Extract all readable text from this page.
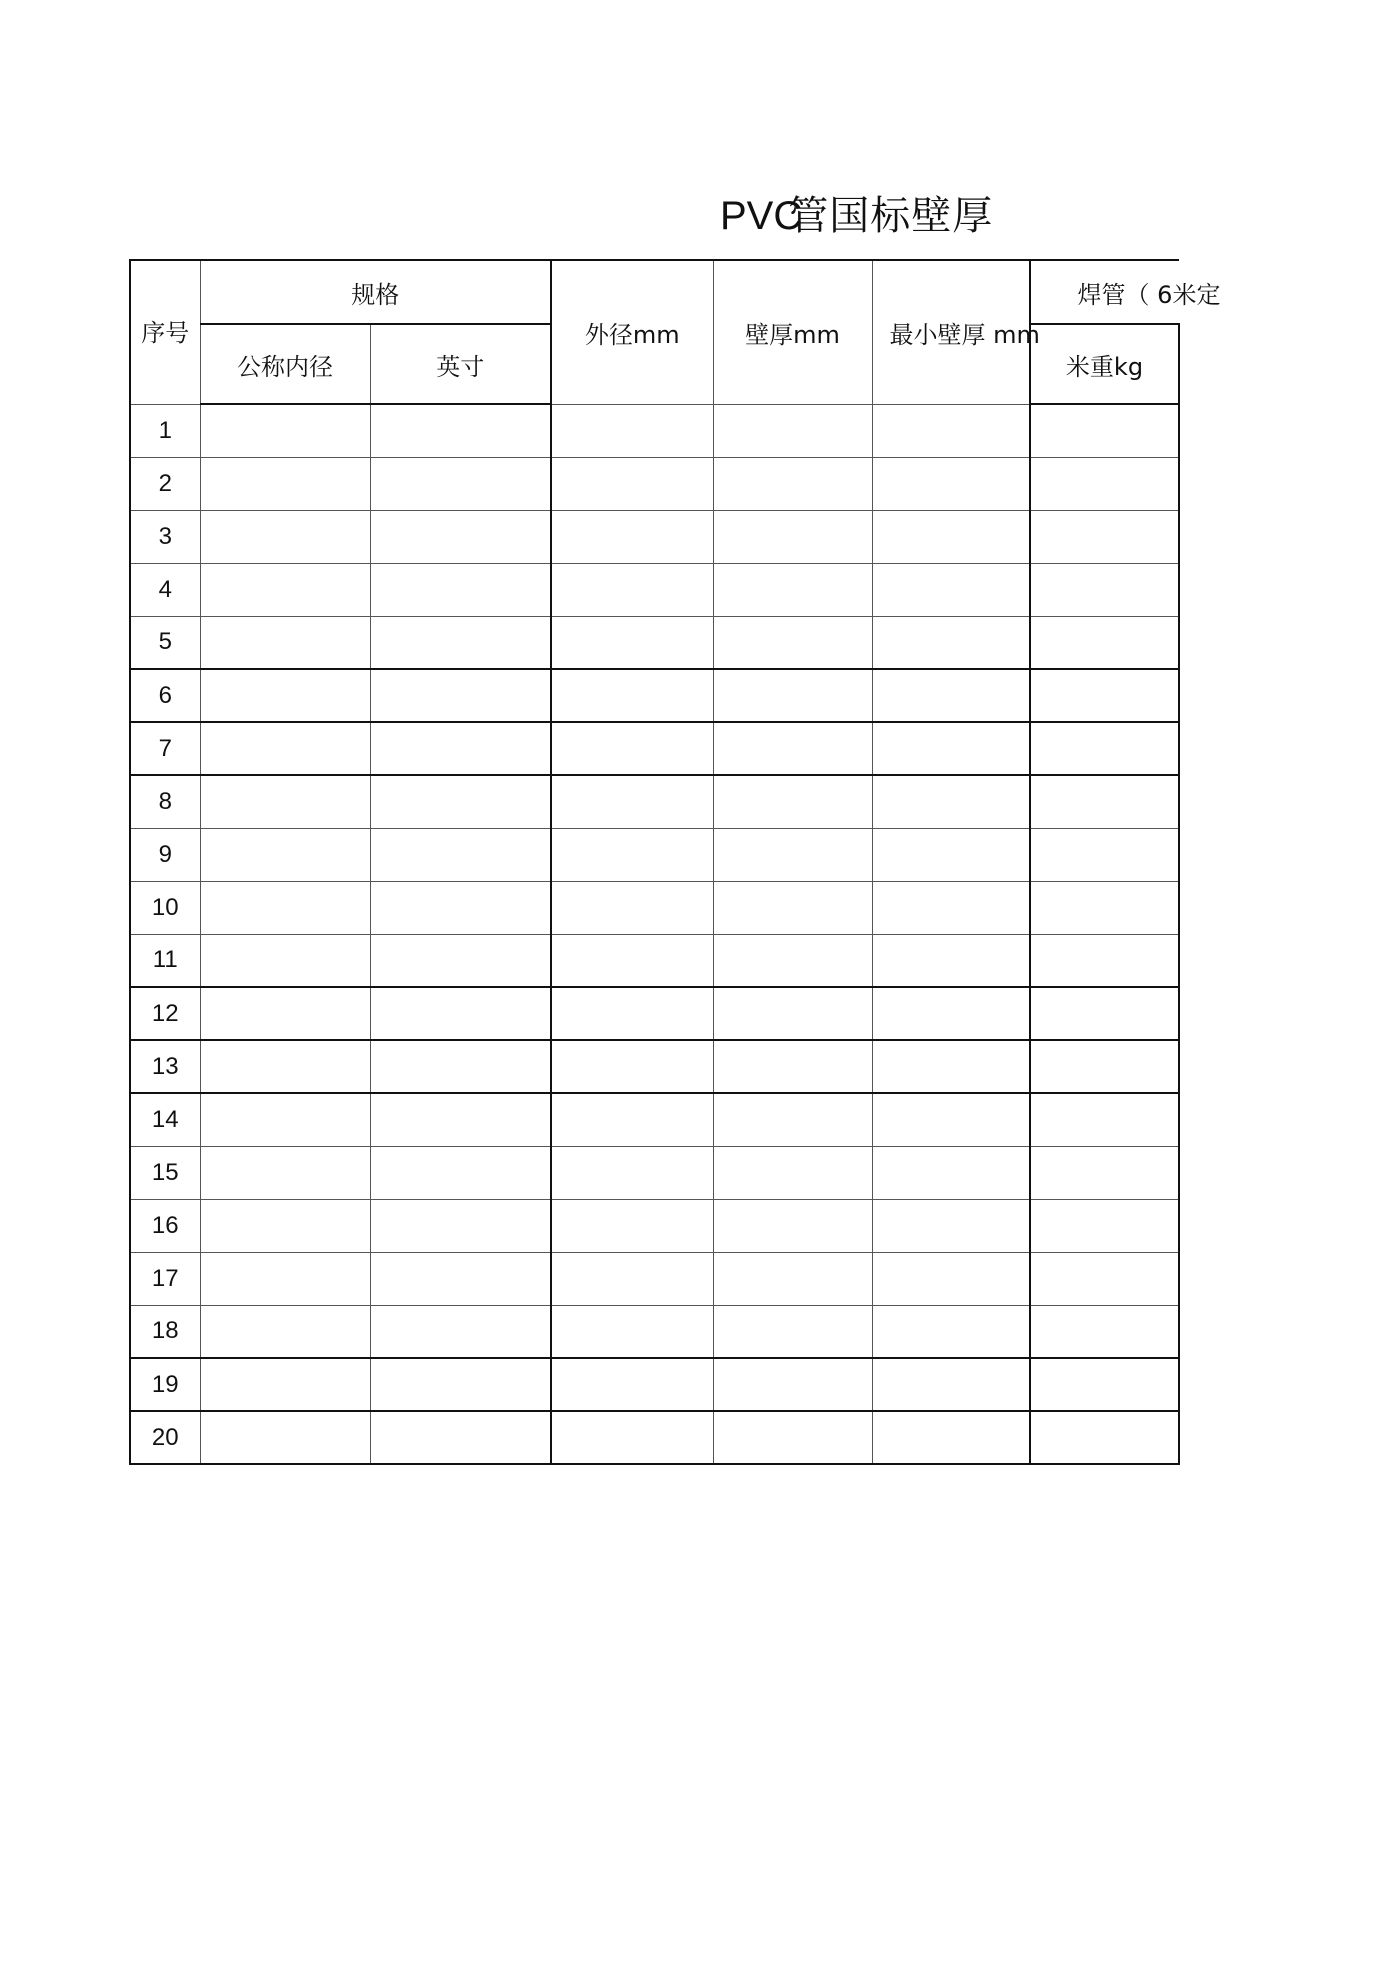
PVC管国标壁厚
序号	规格		外径mm	壁厚mm	最小壁厚 mm	焊管（ 6米定
	公称内径	英寸				米重kg
1						
2						
3						
4						
5						
6						
7						
8						
9						
10						
11						
12						
13						
14						
15						
16						
17						
18						
19						
20						
